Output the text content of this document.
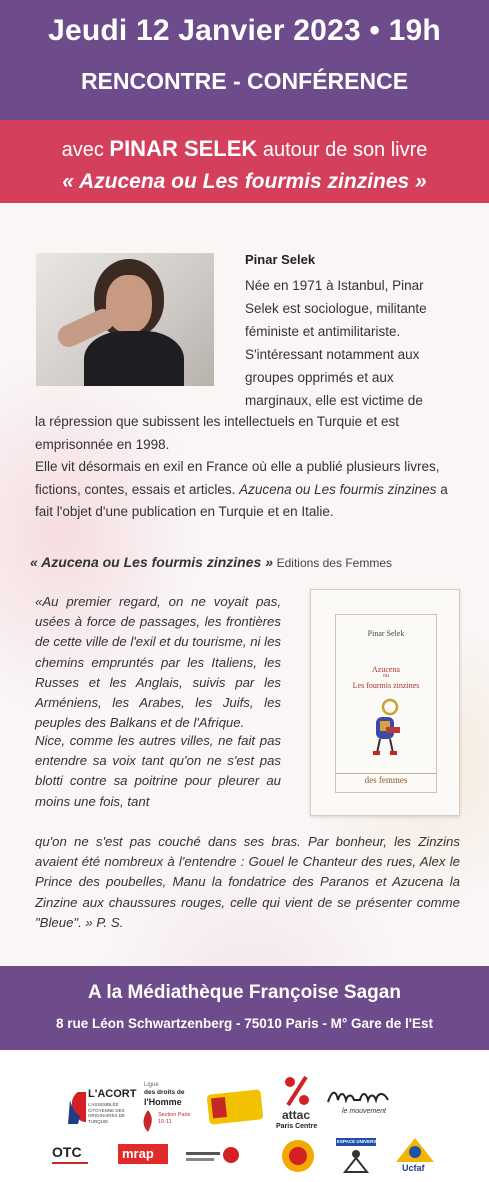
Jeudi 12 Janvier 2023 • 19h
RENCONTRE - CONFÉRENCE
avec PINAR SELEK autour de son livre
« Azucena ou Les fourmis zinzines »
Pinar Selek
Née en 1971 à Istanbul, Pinar Selek est sociologue, militante féministe et antimilitariste. S'intéressant notamment aux groupes opprimés et aux marginaux, elle est victime de
la répression que subissent les intellectuels en Turquie et est emprisonnée en 1998.
Elle vit désormais en exil en France où elle a publié plusieurs livres, fictions, contes, essais et articles. Azucena ou Les fourmis zinzines a fait l'objet d'une publication en Turquie et en Italie.
« Azucena ou Les fourmis zinzines » Editions des Femmes
«Au premier regard, on ne voyait pas, usées à force de passages, les frontières de cette ville de l'exil et du tourisme, ni les chemins empruntés par les Italiens, les Russes et les Anglais, suivis par les Arméniens, les Arabes, les Juifs, les peuples des Balkans et de l'Afrique.
Nice, comme les autres villes, ne fait pas entendre sa voix tant qu'on ne s'est pas blotti contre sa poitrine pour pleurer au moins une fois, tant
qu'on ne s'est pas couché dans ses bras. Par bonheur, les Zinzins avaient été nombreux à l'entendre : Gouel le Chanteur des rues, Alex le Prince des poubelles, Manu la fondatrice des Paranos et Azucena la Zinzine aux chaussures rouges, celle qui vient de se présenter comme "Bleue". » P. S.
Pinar Selek
Azucena
ou
Les fourmis zinzines
des femmes
A la Médiathèque Françoise Sagan
8 rue Léon Schwartzenberg - 75010 Paris - M° Gare de l'Est
L'ACORT
L'ASSEMBLÉE CITOYENNE DES ORIGINAIRES DE TURQUIE
Ligue
des droits de
l'Homme
Section Paris 10-11	attac
Paris Centre
le mouvement
OTC	mrap
ESPACE UNIVERSEL
Ucfaf
